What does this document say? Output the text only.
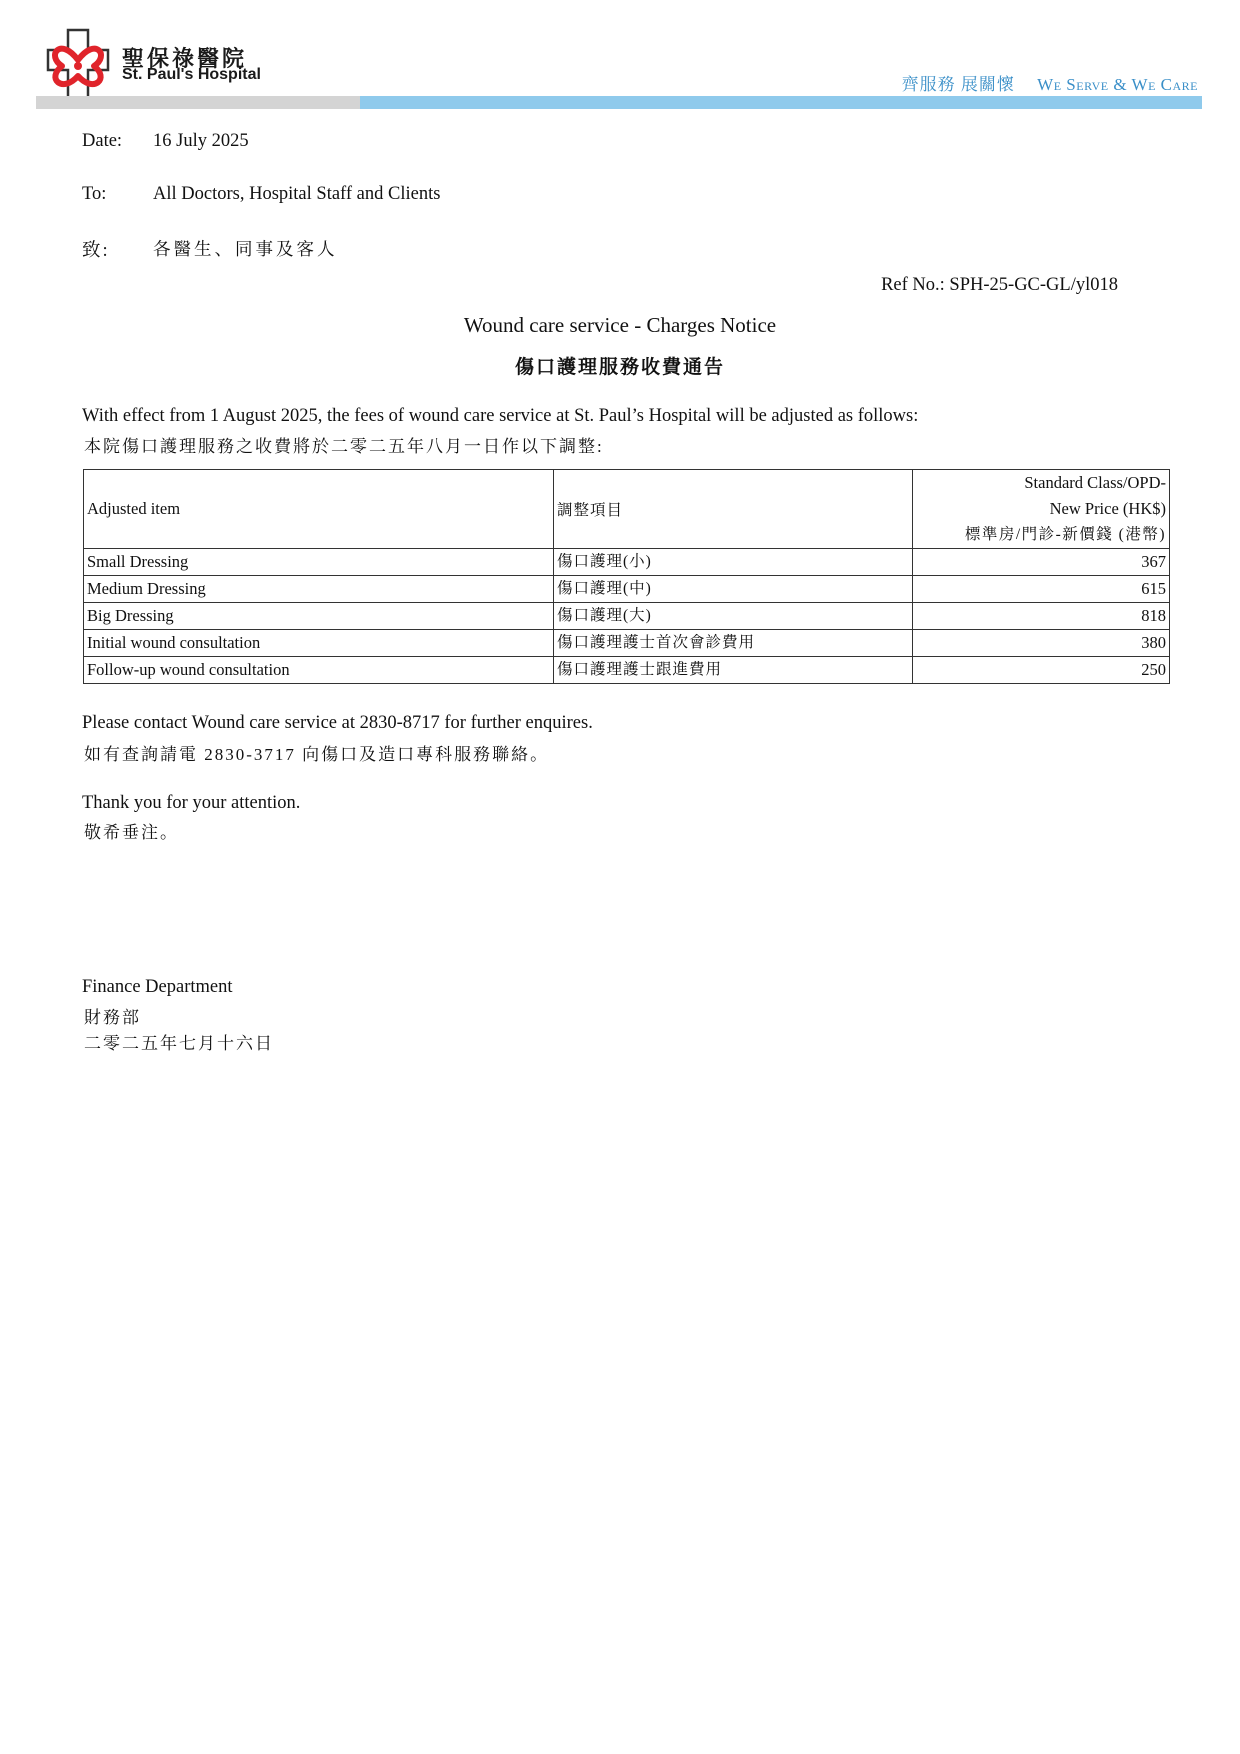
聖保祿醫院
St. Paul's Hospital
齊服務 展關懷 We Serve & We Care
Date: 16 July 2025
To:	All Doctors, Hospital Staff and Clients
致: 各醫生、同事及客人
Ref No.: SPH-25-GC-GL/yl018
Wound care service - Charges Notice
傷口護理服務收費通告
With effect from 1 August 2025, the fees of wound care service at St. Paul’s Hospital will be adjusted as follows:
本院傷口護理服務之收費將於二零二五年八月一日作以下調整:
Adjusted item	調整項目	Standard Class/OPD-
New Price (HK$)
標準房/門診-新價錢 (港幣)

Small Dressing	傷口護理(小)	367
Medium Dressing	傷口護理(中)	615
Big Dressing	傷口護理(大)	818
Initial wound consultation	傷口護理護士首次會診費用	380
Follow-up wound consultation	傷口護理護士跟進費用	250
Please contact Wound care service at 2830-8717 for further enquires.
如有查詢請電 2830-3717 向傷口及造口專科服務聯絡。
Thank you for your attention.
敬希垂注。
Finance Department
財務部
二零二五年七月十六日
